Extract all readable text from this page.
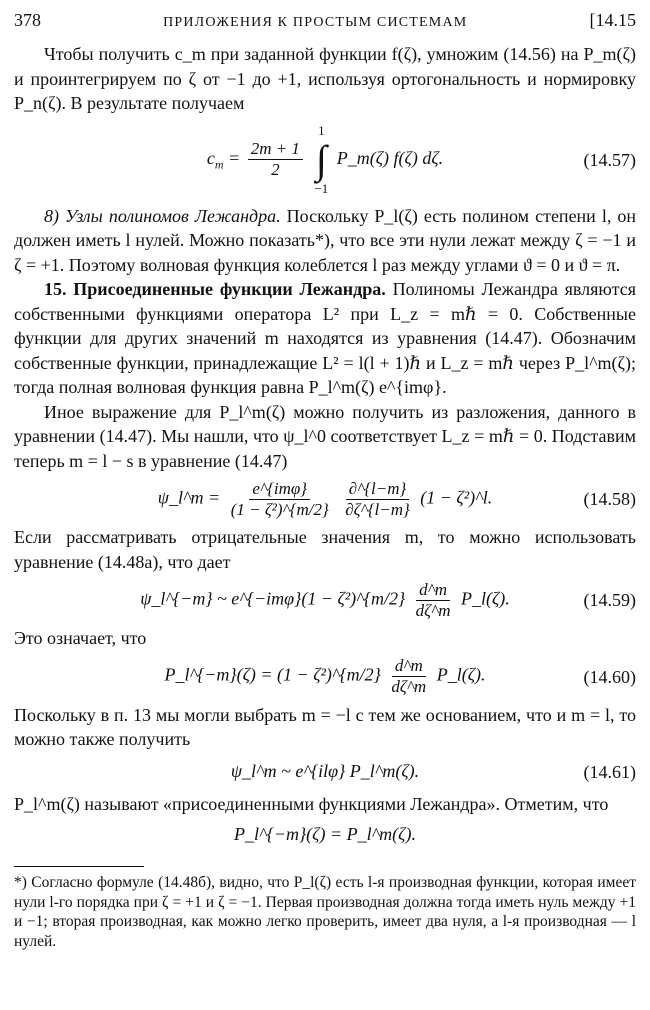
378	ПРИЛОЖЕНИЯ К ПРОСТЫМ СИСТЕМАМ	[14.15

Чтобы получить c_m при заданной функции f(ζ), умножим (14.56) на P_m(ζ) и проинтегрируем по ζ от −1 до +1, используя ортогональность и нормировку P_n(ζ). В результате получаем

$c_m = \frac{2m + 1}{2}$

1
∫
−1
P_m(ζ) f(ζ) dζ.	(14.57)

8) Узлы полиномов Лежандра. Поскольку P_l(ζ) есть полином степени l, он должен иметь l нулей. Можно показать*), что все эти нули лежат между ζ = −1 и ζ = +1. Поэтому волновая функция колеблется l раз между углами ϑ = 0 и ϑ = π.

15. Присоединенные функции Лежандра. Полиномы Лежандра являются собственными функциями оператора L² при L_z = mℏ = 0. Собственные функции для других значений m находятся из уравнения (14.47). Обозначим собственные функции, принадлежащие L² = l(l + 1)ℏ и L_z = mℏ через P_l^m(ζ); тогда полная волновая функция равна P_l^m(ζ) e^{imφ}.

Иное выражение для P_l^m(ζ) можно получить из разложения, данного в уравнении (14.47). Мы нашли, что ψ_l^0 соответствует L_z = mℏ = 0. Подставим теперь m = l − s в уравнение (14.47)

ψ_l^m = $\frac{\text{e\textasciicircum{}\{imφ\}}}{\text{(1 − ζ²)\textasciicircum{}\{m/2\}}}$
$\frac{\partial\^{}\{l-m\}}{\partial\zeta\^{}\{l-m\}} (1$ − ζ²)^l.	(14.58)

Если рассматривать отрицательные значения m, то можно использовать уравнение (14.48а), что дает

ψ_l^{−m} ~ e^{−imφ}(1 − ζ²)^{m/2} $\frac{d\^{}m}{d\zeta\^{}m}$ P_l(ζ).	(14.59)

Это означает, что

P_l^{−m}(ζ) = (1 − ζ²)^{m/2} $\frac{d\^{}m}{d\zeta\^{}m}$ P_l(ζ).	(14.60)

Поскольку в п. 13 мы могли выбрать m = −l с тем же основанием, что и m = l, то можно также получить

ψ_l^m ~ e^{ilφ} P_l^m(ζ).	(14.61)

P_l^m(ζ) называют «присоединенными функциями Лежандра». Отметим, что

P_l^{−m}(ζ) = P_l^m(ζ).

*) Согласно формуле (14.48б), видно, что P_l(ζ) есть l-я производная функции, которая имеет нули l-го порядка при ζ = +1 и ζ = −1. Первая производная должна тогда иметь нуль между +1 и −1; вторая производная, как можно легко проверить, имеет два нуля, а l-я производная — l нулей.
